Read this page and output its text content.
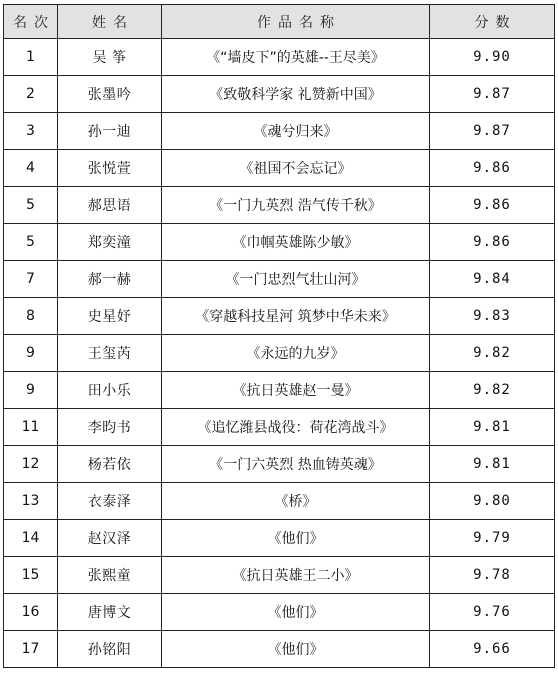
名次	姓名	作品名称	分数
1	吴 筝	《“墙皮下”的英雄--王尽美》	9.90
2	张墨吟	《致敬科学家 礼赞新中国》	9.87
3	孙一迪	《魂兮归来》	9.87
4	张悦萱	《祖国不会忘记》	9.86
5	郝思语	《一门九英烈 浩气传千秋》	9.86
5	郑奕潼	《巾帼英雄陈少敏》	9.86
7	郝一赫	《一门忠烈气壮山河》	9.84
8	史星妤	《穿越科技星河 筑梦中华未来》	9.83
9	王玺芮	《永远的九岁》	9.82
9	田小乐	《抗日英雄赵一曼》	9.82
11	李昀书	《追忆潍县战役：荷花湾战斗》	9.81
12	杨若依	《一门六英烈 热血铸英魂》	9.81
13	衣泰泽	《桥》	9.80
14	赵汉泽	《他们》	9.79
15	张熙童	《抗日英雄王二小》	9.78
16	唐博文	《他们》	9.76
17	孙铭阳	《他们》	9.66
